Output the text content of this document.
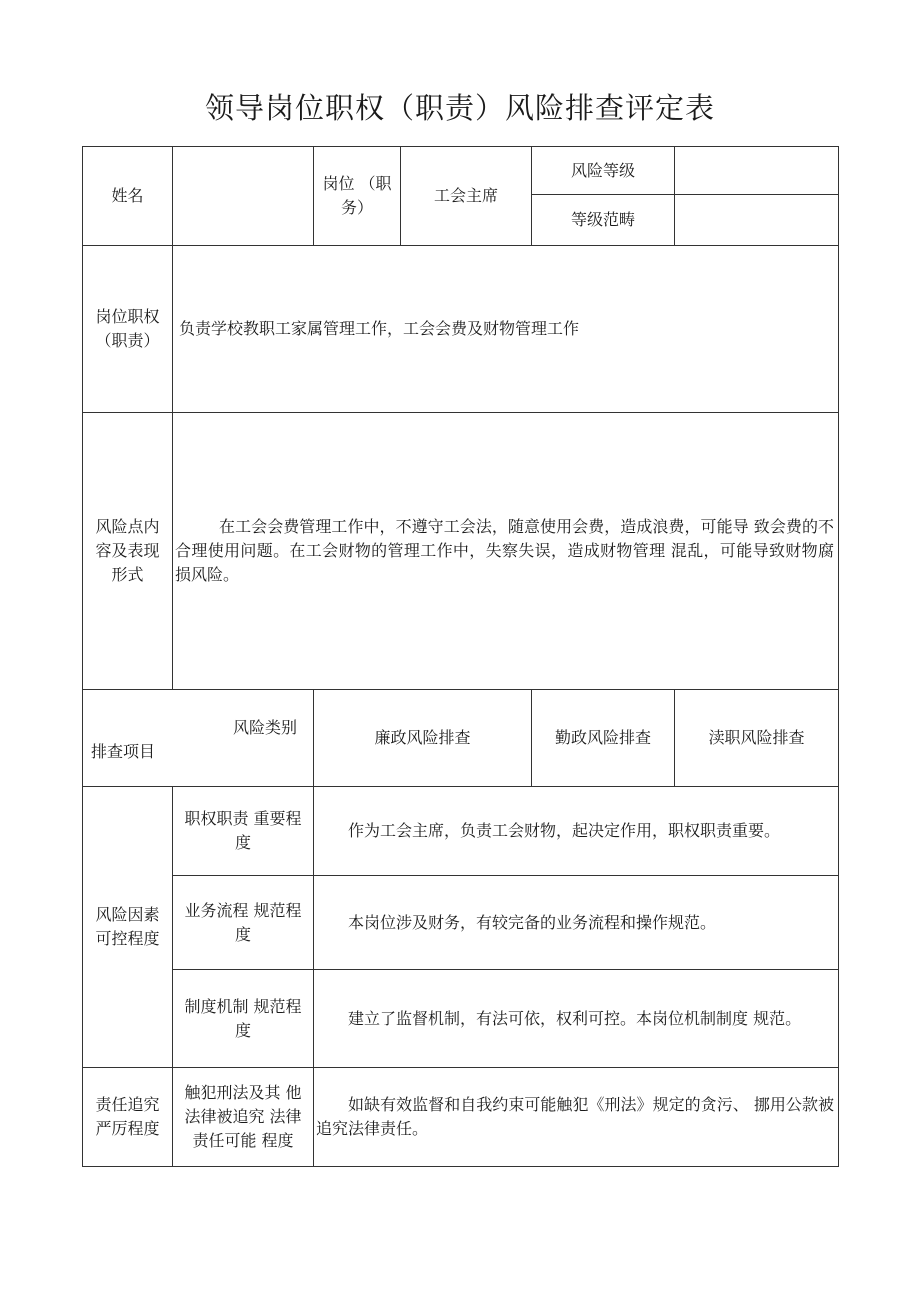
领导岗位职权（职责）风险排查评定表
姓名		岗位 （职务）	工会主席	风险等级	
				等级范畴	
岗位职权（职责）	负责学校教职工家属管理工作，工会会费及财物管理工作				
风险点内容及表现形式	在工会会费管理工作中，不遵守工会法，随意使用会费，造成浪费，可能导 致会费的不合理使用问题。在工会财物的管理工作中，失察失误，造成财物管理 混乱，可能导致财物腐损风险。				

风险类别
排查项目		廉政风险排查		勤政风险排查	渎职风险排查
风险因素可控程度	职权职责 重要程度	作为工会主席，负责工会财物，起决定作用，职权职责重要。			
	业务流程 规范程度	本岗位涉及财务，有较完备的业务流程和操作规范。			
	制度机制 规范程度	建立了监督机制，有法可依，权利可控。本岗位机制制度 规范。			
责任追究严厉程度	触犯刑法及其 他法律被追究 法律责任可能 程度	如缺有效监督和自我约束可能触犯《刑法》规定的贪污、 挪用公款被追究法律责任。			
